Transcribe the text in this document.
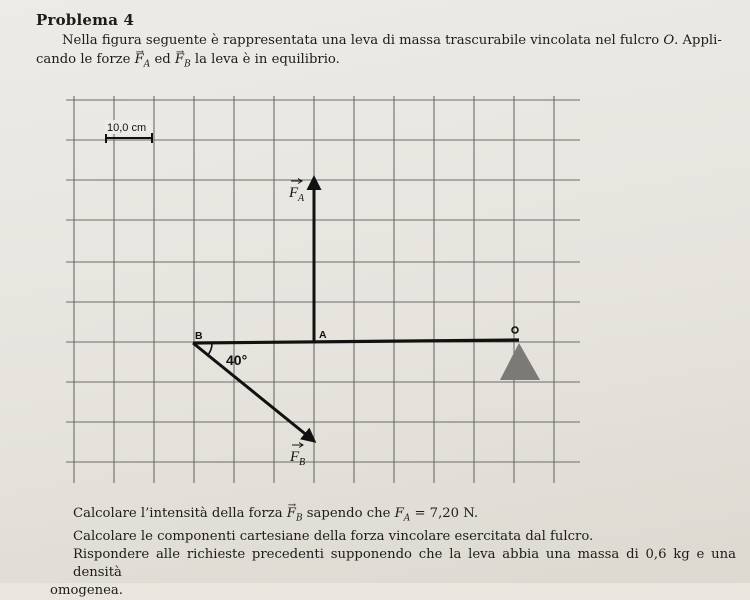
Problema 4
Nella figura seguente è rappresentata una leva di massa trascurabile vincolata nel fulcro O. Appli-
cando le forze → $F_A$ ed → $F_B$ la leva è in equilibrio.
10,0 cm
B	A
40°
F A
F B
Calcolare l’intensità della forza → $F_B$ sapendo che $F_A = 7,20$ N.
Calcolare le componenti cartesiane della forza vincolare esercitata dal fulcro.
Rispondere alle richieste precedenti supponendo che la leva abbia una massa di 0,6 kg e una densità
omogenea.
